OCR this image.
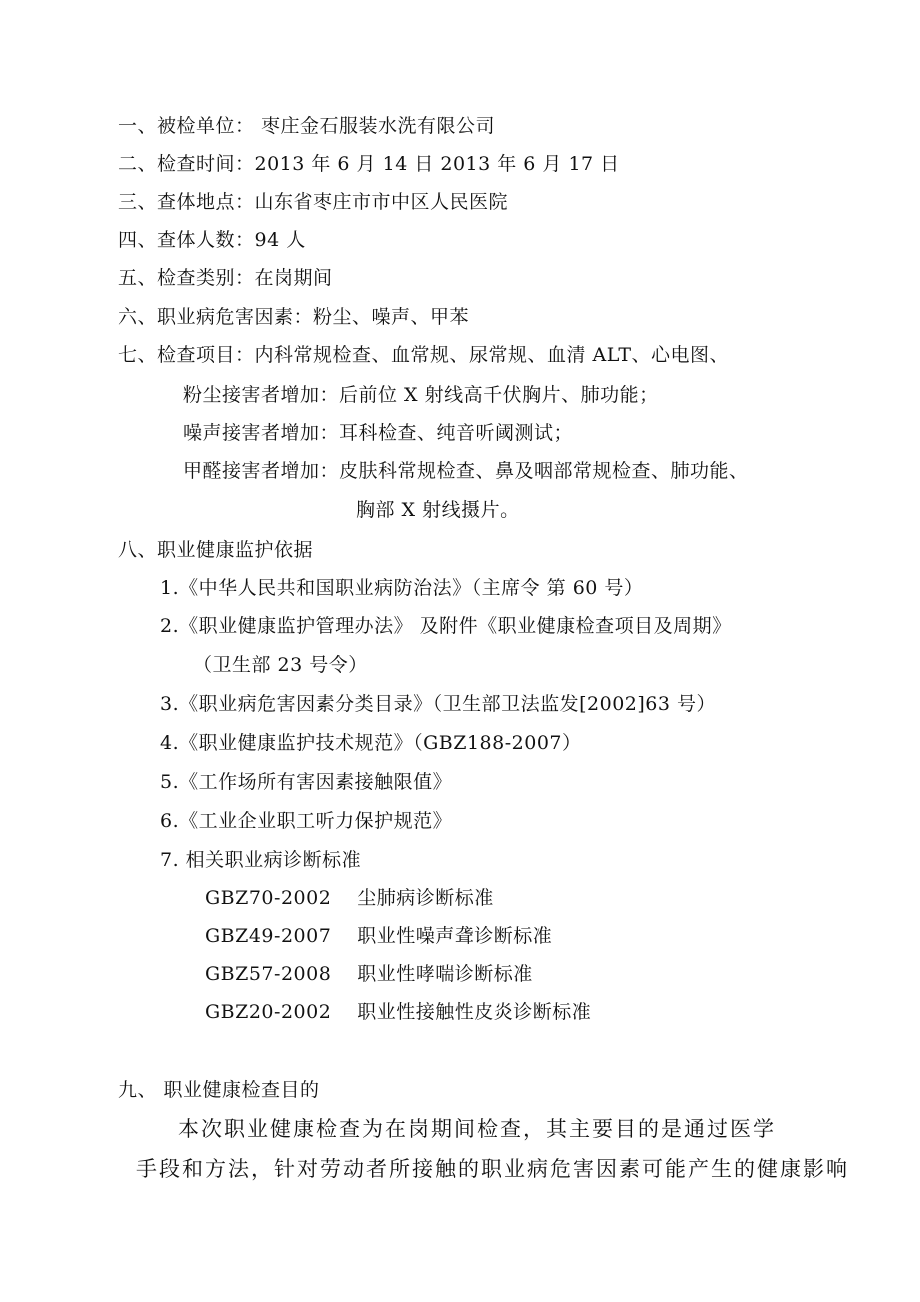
一、被检单位： 枣庄金石服装水洗有限公司
二、检查时间：2013 年 6 月 14 日 2013 年 6 月 17 日
三、查体地点：山东省枣庄市市中区人民医院
四、查体人数：94 人
五、检查类别：在岗期间
六、职业病危害因素：粉尘、噪声、甲苯
七、检查项目：内科常规检查、血常规、尿常规、血清 ALT、心电图、
粉尘接害者增加：后前位 X 射线高千伏胸片、肺功能；
噪声接害者增加：耳科检查、纯音听阈测试；
甲醛接害者增加：皮肤科常规检查、鼻及咽部常规检查、肺功能、
胸部 X 射线摄片。
八、职业健康监护依据
1.《中华人民共和国职业病防治法》（主席令 第 60 号）
2.《职业健康监护管理办法》 及附件《职业健康检查项目及周期》
（卫生部 23 号令）
3.《职业病危害因素分类目录》（卫生部卫法监发[2002]63 号）
4.《职业健康监护技术规范》（GBZ188-2007）
5.《工作场所有害因素接触限值》
6.《工业企业职工听力保护规范》
7. 相关职业病诊断标准
GBZ70-2002 尘肺病诊断标准
GBZ49-2007 职业性噪声聋诊断标准
GBZ57-2008 职业性哮喘诊断标准
GBZ20-2002 职业性接触性皮炎诊断标准
九、 职业健康检查目的
本次职业健康检查为在岗期间检查，其主要目的是通过医学
手段和方法，针对劳动者所接触的职业病危害因素可能产生的健康影响
